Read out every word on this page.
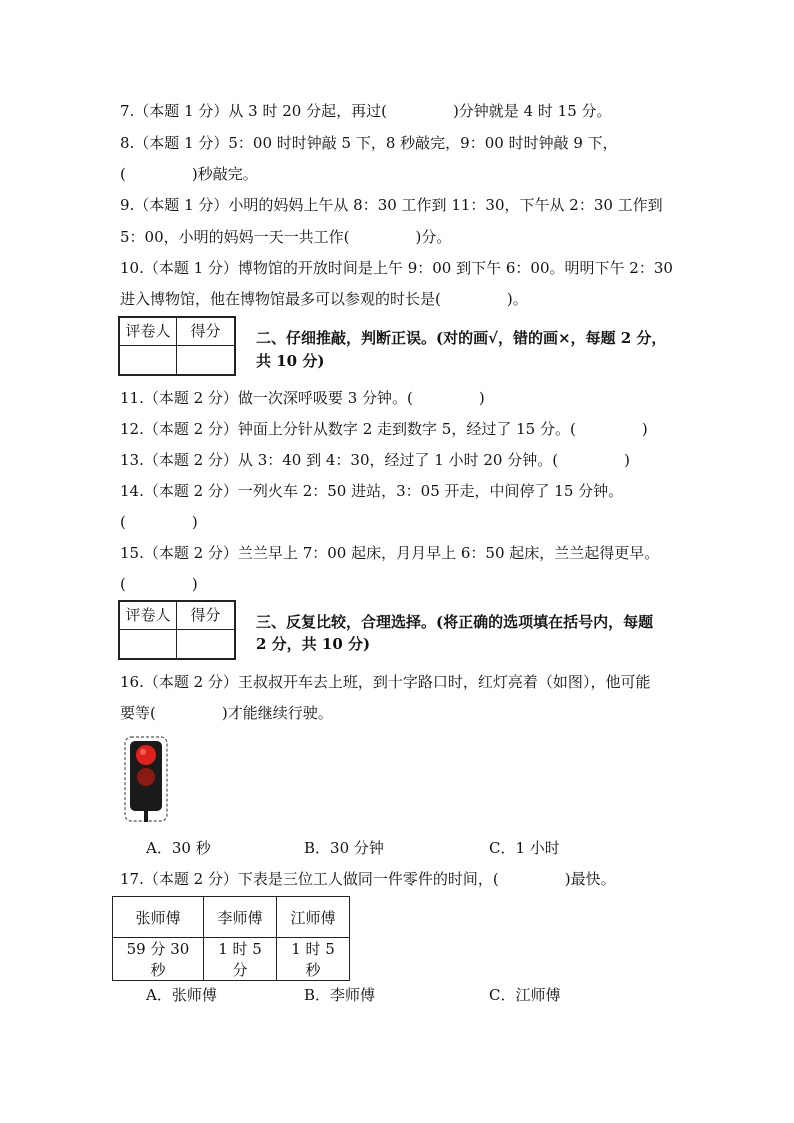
7.（本题 1 分）从 3 时 20 分起，再过(	)分钟就是 4 时 15 分。
8.（本题 1 分）5：00 时时钟敲 5 下，8 秒敲完，9：00 时时钟敲 9 下，
(	)秒敲完。
9.（本题 1 分）小明的妈妈上午从 8：30 工作到 11：30，下午从 2：30 工作到
5：00，小明的妈妈一天一共工作(	)分。
10.（本题 1 分）博物馆的开放时间是上午 9：00 到下午 6：00。明明下午 2：30
进入博物馆，他在博物馆最多可以参观的时长是(	)。
评卷人	得分	二、仔细推敲，判断正误。(对的画√，错的画×，每题 2 分，
共 10 分)
11.（本题 2 分）做一次深呼吸要 3 分钟。(	)
12.（本题 2 分）钟面上分针从数字 2 走到数字 5，经过了 15 分。(	)
13.（本题 2 分）从 3：40 到 4：30，经过了 1 小时 20 分钟。(	)
14.（本题 2 分）一列火车 2：50 进站，3：05 开走，中间停了 15 分钟。
(	)
15.（本题 2 分）兰兰早上 7：00 起床，月月早上 6：50 起床，兰兰起得更早。
(	)
评卷人	得分	三、反复比较，合理选择。(将正确的选项填在括号内，每题
2 分，共 10 分)
16.（本题 2 分）王叔叔开车去上班，到十字路口时，红灯亮着（如图），他可能
要等(	)才能继续行驶。
A．30 秒	B．30 分钟	C．1 小时
17.（本题 2 分）下表是三位工人做同一件零件的时间，(	)最快。
张师傅	李师傅	江师傅
59 分 30 秒	1 时 5 分	1 时 5 秒
A．张师傅	B．李师傅	C．江师傅
